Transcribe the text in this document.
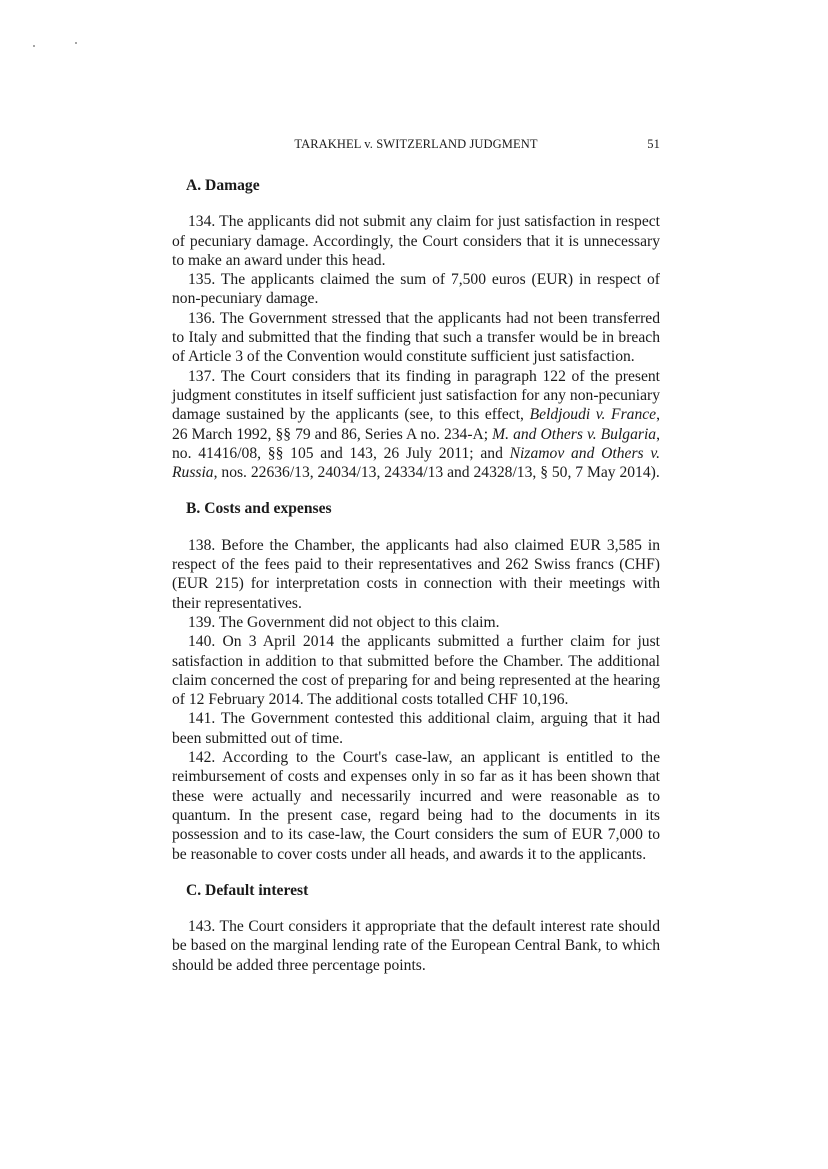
TARAKHEL v. SWITZERLAND JUDGMENT	51
A. Damage

134. The applicants did not submit any claim for just satisfaction in respect of pecuniary damage. Accordingly, the Court considers that it is unnecessary to make an award under this head.

135. The applicants claimed the sum of 7,500 euros (EUR) in respect of non-pecuniary damage.

136. The Government stressed that the applicants had not been transferred to Italy and submitted that the finding that such a transfer would be in breach of Article 3 of the Convention would constitute sufficient just satisfaction.

137. The Court considers that its finding in paragraph 122 of the present judgment constitutes in itself sufficient just satisfaction for any non-pecuniary damage sustained by the applicants (see, to this effect, Beldjoudi v. France, 26 March 1992, §§ 79 and 86, Series A no. 234-A; M. and Others v. Bulgaria, no. 41416/08, §§ 105 and 143, 26 July 2011; and Nizamov and Others v. Russia, nos. 22636/13, 24034/13, 24334/13 and 24328/13, § 50, 7 May 2014).

B. Costs and expenses

138. Before the Chamber, the applicants had also claimed EUR 3,585 in respect of the fees paid to their representatives and 262 Swiss francs (CHF) (EUR 215) for interpretation costs in connection with their meetings with their representatives.

139. The Government did not object to this claim.

140. On 3 April 2014 the applicants submitted a further claim for just satisfaction in addition to that submitted before the Chamber. The additional claim concerned the cost of preparing for and being represented at the hearing of 12 February 2014. The additional costs totalled CHF 10,196.

141. The Government contested this additional claim, arguing that it had been submitted out of time.

142. According to the Court's case-law, an applicant is entitled to the reimbursement of costs and expenses only in so far as it has been shown that these were actually and necessarily incurred and were reasonable as to quantum. In the present case, regard being had to the documents in its possession and to its case-law, the Court considers the sum of EUR 7,000 to be reasonable to cover costs under all heads, and awards it to the applicants.

C. Default interest

143. The Court considers it appropriate that the default interest rate should be based on the marginal lending rate of the European Central Bank, to which should be added three percentage points.
